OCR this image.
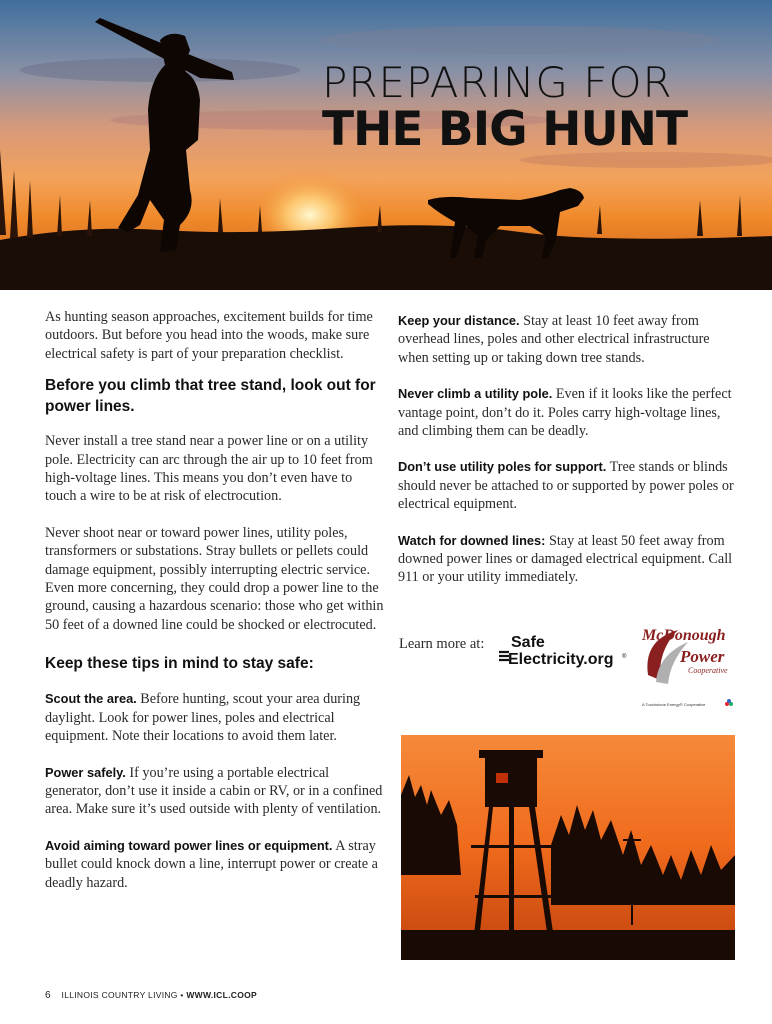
PREPARING FOR
THE BIG HUNT

As hunting season approaches, excitement builds for time outdoors. But before you head into the woods, make sure electrical safety is part of your preparation checklist.

Before you climb that tree stand, look out for power lines.

Never install a tree stand near a power line or on a utility pole. Electricity can arc through the air up to 10 feet from high-voltage lines. This means you don’t even have to touch a wire to be at risk of electrocution.

Never shoot near or toward power lines, utility poles, transformers or substations. Stray bullets or pellets could damage equipment, possibly interrupting electric service. Even more concerning, they could drop a power line to the ground, causing a hazardous scenario: those who get within 50 feet of a downed line could be shocked or electrocuted.

Keep these tips in mind to stay safe:

Scout the area. Before hunting, scout your area during daylight. Look for power lines, poles and electrical equipment. Note their locations to avoid them later.

Power safely. If you’re using a portable electrical generator, don’t use it inside a cabin or RV, or in a confined area. Make sure it’s used outside with plenty of ventilation.

Avoid aiming toward power lines or equipment. A stray bullet could knock down a line, interrupt power or create a deadly hazard.

Keep your distance. Stay at least 10 feet away from overhead lines, poles and other electrical infrastructure when setting up or taking down tree stands.

Never climb a utility pole. Even if it looks like the perfect vantage point, don’t do it. Poles carry high-voltage lines, and climbing them can be deadly.

Don’t use utility poles for support. Tree stands or blinds should never be attached to or supported by power poles or electrical equipment.

Watch for downed lines: Stay at least 50 feet away from downed power lines or damaged electrical equipment. Call 911 or your utility immediately.

Learn more at: Safe
Electricity.org ®
McDonough
Power
Cooperative
A Touchstone Energy® Cooperative
6 ILLINOIS COUNTRY LIVING • WWW.ICL.COOP
